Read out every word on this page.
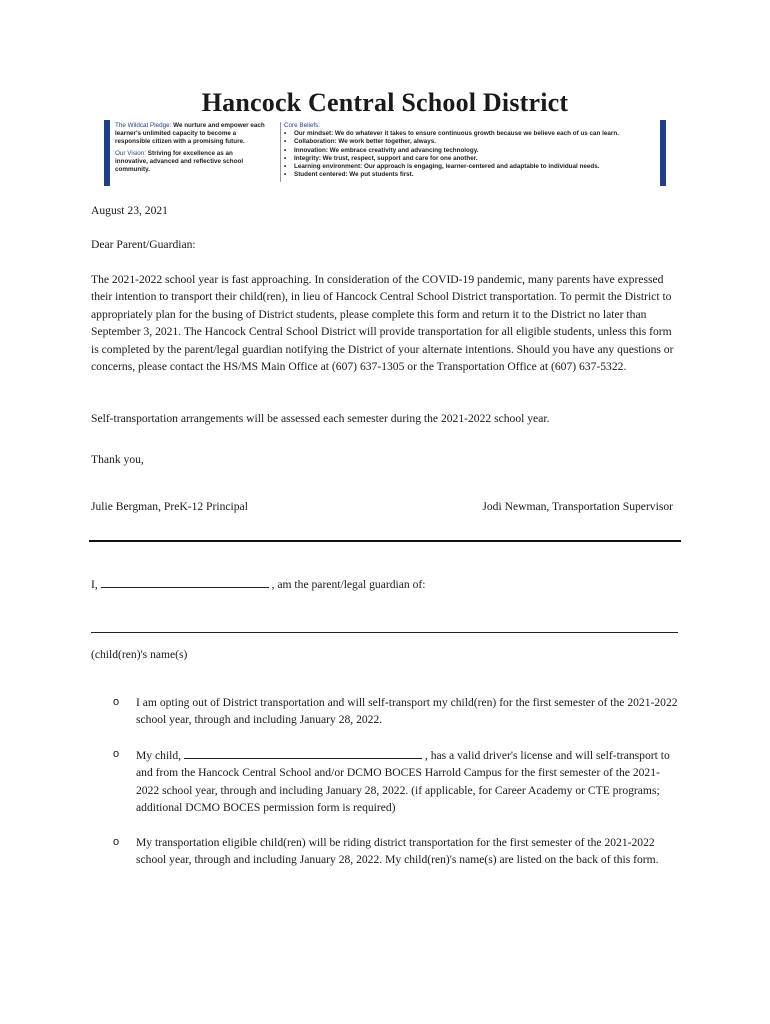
Hancock Central School District

The Wildcat Pledge: We nurture and empower each learner's unlimited capacity to become a responsible citizen with a promising future.

Our Vision: Striving for excellence as an innovative, advanced and reflective school community.

Core Beliefs:
• Our mindset: We do whatever it takes to ensure continuous growth because we believe each of us can learn.
• Collaboration: We work better together, always.
• Innovation: We embrace creativity and advancing technology.
• Integrity: We trust, respect, support and care for one another.
• Learning environment: Our approach is engaging, learner-centered and adaptable to individual needs.
• Student centered: We put students first.
August 23, 2021
Dear Parent/Guardian:

The 2021-2022 school year is fast approaching. In consideration of the COVID-19 pandemic, many parents have expressed their intention to transport their child(ren), in lieu of Hancock Central School District transportation. To permit the District to appropriately plan for the busing of District students, please complete this form and return it to the District no later than September 3, 2021. The Hancock Central School District will provide transportation for all eligible students, unless this form is completed by the parent/legal guardian notifying the District of your alternate intentions. Should you have any questions or concerns, please contact the HS/MS Main Office at (607) 637-1305 or the Transportation Office at (607) 637-5322.

Self-transportation arrangements will be assessed each semester during the 2021-2022 school year.
Thank you,
Julie Bergman, PreK-12 Principal	Jodi Newman, Transportation Supervisor
I,	, am the parent/legal guardian of:
(child(ren)'s name(s)
o I am opting out of District transportation and will self-transport my child(ren) for the first semester of the 2021-2022 school year, through and including January 28, 2022.
o My child,	, has a valid driver's license and will self-transport to and from the Hancock Central School and/or DCMO BOCES Harrold Campus for the first semester of the 2021-2022 school year, through and including January 28, 2022. (if applicable, for Career Academy or CTE programs; additional DCMO BOCES permission form is required)
o My transportation eligible child(ren) will be riding district transportation for the first semester of the 2021-2022 school year, through and including January 28, 2022. My child(ren)'s name(s) are listed on the back of this form.
